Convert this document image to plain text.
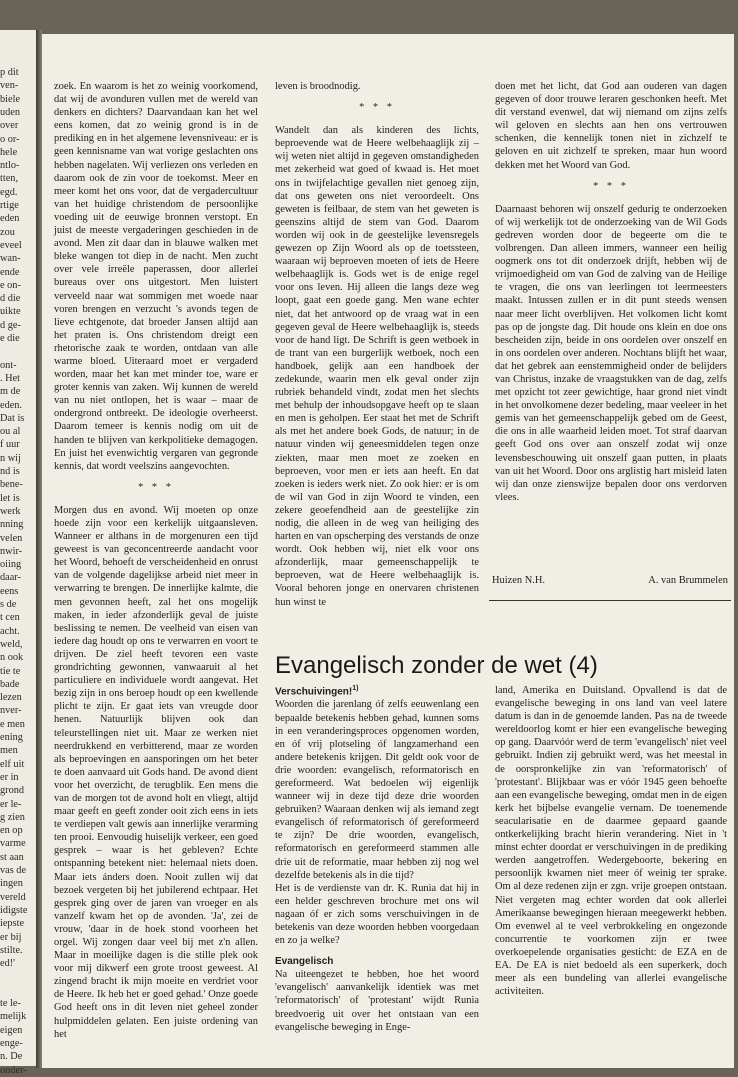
p dit
ven-
biele
uden
over
o or-
hele
ntlo-
tten,
egd.
rtige
eden
zou
eveel
wan-
ende
e on-
d die
uikte
d ge-
e die
ont-
. Het
m de
eden.
Dat is
ou al
f uur
n wij
nd is
bene-
let is
werk
nning
velen
nwir-
oiing
daar-
eens
s de
t cen
acht.
weld,
n ook
tie te
bade
lezen
nver-
e men
ening
men
elf uit
er in
grond
er le-
g zien
en op
varme
st aan
vas de
ingen
vereld
idigste
iepste
er bij
stilte.
ed!'
te le-
melijk
eigen
enge-
n. De
onder-

zoek. En waarom is het zo weinig voorkomend, dat wij de avonduren vullen met de wereld van denkers en dichters? Daarvandaan kan het wel eens komen, dat zo weinig grond is in de prediking en in het algemene levensniveau: er is geen kennisname van wat vorige geslachten ons hebben nagelaten. Wij verliezen ons verleden en daarom ook de zin voor de toekomst. Meer en meer komt het ons voor, dat de vergadercultuur van het huidige christendom de persoonlijke voeding uit de eeuwige bronnen verstopt. En juist de meeste vergaderingen geschieden in de avond. Men zit daar dan in blauwe walken met bleke wangen tot diep in de nacht. Men zucht over vele irreële paperassen, door allerlei bureaus over ons uitgestort. Men luistert verveeld naar wat sommigen met woede naar voren brengen en verzucht 's avonds tegen de lieve echtgenote, dat broeder Jansen altijd aan het praten is. Ons christendom dreigt een rhetorische zaak te worden, ontdaan van alle warme bloed. Uiteraard moet er vergaderd worden, maar het kan met minder toe, ware er groter kennis van zaken. Wij kunnen de wereld van nu niet ontlopen, het is waar – maar de ondergrond ontbreekt. De ideologie overheerst. Daarom temeer is kennis nodig om uit de handen te blijven van kerkpolitieke demagogen. En juist het evenwichtig vergaren van gegronde kennis, dat wordt veelszins aangevochten.

* * *

Morgen dus en avond. Wij moeten op onze hoede zijn voor een kerkelijk uitgaansleven. Wanneer er althans in de morgenuren een tijd geweest is van geconcentreerde aandacht voor het Woord, behoeft de verscheidenheid en onrust van de volgende dagelijkse arbeid niet meer in verwarring te brengen. De innerlijke kalmte, die men gevonnen heeft, zal het ons mogelijk maken, in ieder afzonderlijk geval de juiste beslissing te nemen. De veelheid van eisen van iedere dag houdt op ons te verwarren en voort te drijven. De ziel heeft tevoren een vaste grondrichting gewonnen, vanwaaruit al het particuliere en individuele wordt aangevat. Het bezig zijn in ons beroep houdt op een kwellende plicht te zijn. Er gaat iets van vreugde door henen. Natuurlijk blijven ook dan teleurstellingen niet uit. Maar ze werken niet neerdrukkend en verbitterend, maar ze worden als beproevingen en aansporingen om het beter te doen aanvaard uit Gods hand. De avond dient voor het overzicht, de terugblik. Een mens die van de morgen tot de avond holt en vliegt, altijd maar geeft en geeft zonder ooit zich eens in iets te verdiepen valt gewis aan innerlijke verarming ten prooi. Eenvoudig huiselijk verkeer, een goed gesprek – waar is het gebleven? Echte ontspanning betekent niet: helemaal niets doen. Maar iets ánders doen. Nooit zullen wij dat bezoek vergeten bij het jubilerend echtpaar. Het gesprek ging over de jaren van vroeger en als vanzelf kwam het op de avonden. 'Ja', zei de vrouw, 'daar in de hoek stond voorheen het orgel. Wij zongen daar veel bij met z'n allen. Maar in moeilijke dagen is die stille plek ook voor mij dikwerf een grote troost geweest. Al zingend bracht ik mijn moeite en verdriet voor de Heere. Ik heb het er goed gehad.' Onze goede God heeft ons in dit leven niet geheel zonder hulpmiddelen gelaten. Een juiste ordening van het

leven is broodnodig.

* * *

Wandelt dan als kinderen des lichts, beproevende wat de Heere welbehaaglijk zij – wij weten niet altijd in gegeven omstandigheden met zekerheid wat goed of kwaad is. Het moet ons in twijfelachtige gevallen niet genoeg zijn, dat ons geweten ons niet veroordeelt. Ons geweten is feilbaar, de stem van het geweten is geenszins altijd de stem van God. Daarom worden wij ook in de geestelijke levensregels gewezen op Zijn Woord als op de toetssteen, waaraan wij beproeven moeten of iets de Heere welbehaaglijk is. Gods wet is de enige regel voor ons leven. Hij alleen die langs deze weg loopt, gaat een goede gang. Men wane echter niet, dat het antwoord op de vraag wat in een gegeven geval de Heere welbehaaglijk is, steeds voor de hand ligt. De Schrift is geen wetboek in de trant van een burgerlijk wetboek, noch een handboek, gelijk aan een handboek der zedekunde, waarin men elk geval onder zijn rubriek behandeld vindt, zodat men het slechts met behulp der inhoudsopgave heeft op te slaan en men is geholpen. Eer staat het met de Schrift als met het andere boek Gods, de natuur; in de natuur vinden wij geneesmiddelen tegen onze ziekten, maar men moet ze zoeken en beproeven, voor men er iets aan heeft. En dat zoeken is ieders werk niet. Zo ook hier: er is om de wil van God in zijn Woord te vinden, een zekere geoefendheid aan de geestelijke zin nodig, die alleen in de weg van heiliging des harten en van opscherping des verstands de onze wordt. Ook hebben wij, niet elk voor ons afzonderlijk, maar gemeenschappelijk te beproeven, wat de Heere welbehaaglijk is. Vooral behoren jonge en onervaren christenen hun winst te

doen met het licht, dat God aan ouderen van dagen gegeven of door trouwe leraren geschonken heeft. Met dit verstand evenwel, dat wij niemand om zijns zelfs wil geloven en slechts aan hen ons vertrouwen schenken, die kennelijk tonen niet in zichzelf te geloven en uit zichzelf te spreken, maar hun woord dekken met het Woord van God.

* * *

Daarnaast behoren wij onszelf gedurig te onderzoeken of wij werkelijk tot de onderzoeking van de Wil Gods gedreven worden door de begeerte om die te volbrengen. Dan alleen immers, wanneer een heilig oogmerk ons tot dit onderzoek drijft, hebben wij de vrijmoedigheid om van God de zalving van de Heilige te vragen, die ons van leerlingen tot leermeesters maakt. Intussen zullen er in dit punt steeds wensen naar meer licht overblijven. Het volkomen licht komt pas op de jongste dag. Dit houde ons klein en doe ons bescheiden zijn, beide in ons oordelen over onszelf en in ons oordelen over anderen. Nochtans blijft het waar, dat het gebrek aan eenstemmigheid onder de belijders van Christus, inzake de vraagstukken van de dag, zelfs met opzicht tot zeer gewichtige, haar grond niet vindt in het onvolkomene dezer bedeling, maar veeleer in het gemis van het gemeenschappelijk gebed om de Geest, die ons in alle waarheid leiden moet. Tot straf daarvan geeft God ons over aan onszelf zodat wij onze levensbeschouwing uit onszelf gaan putten, in plaats van uit het Woord. Door ons arglistig hart misleid laten wij dan onze zienswijze bepalen door ons verdorven vlees.

Huizen N.H.	A. van Brummelen
Evangelisch zonder de wet (4)
Verschuivingen!$^{1)}$

Woorden die jarenlang óf zelfs eeuwenlang een bepaalde betekenis hebben gehad, kunnen soms in een veranderingsproces opgenomen worden, en óf vrij plotseling óf langzamerhand een andere betekenis krijgen. Dit geldt ook voor de drie woorden: evangelisch, reformatorisch en gereformeerd. Wat bedoelen wij eigenlijk wanneer wij in deze tijd deze drie woorden gebruiken? Waaraan denken wij als iemand zegt evangelisch óf reformatorisch óf gereformeerd te zijn? De drie woorden, evangelisch, reformatorisch en gereformeerd stammen alle drie uit de reformatie, maar hebben zij nog wel dezelfde betekenis als in die tijd?
Het is de verdienste van dr. K. Runia dat hij in een helder geschreven brochure met ons wil nagaan óf er zich soms verschuivingen in de betekenis van deze woorden hebben voorgedaan en zo ja welke?

Evangelisch

Na uiteengezet te hebben, hoe het woord 'evangelisch' aanvankelijk identiek was met 'reformatorisch' of 'protestant' wijdt Runia breedvoerig uit over het ontstaan van een evangelische beweging in Enge-

land, Amerika en Duitsland. Opvallend is dat de evangelische beweging in ons land van veel latere datum is dan in de genoemde landen. Pas na de tweede wereldoorlog komt er hier een evangelische beweging op gang. Daarvóór werd de term 'evangelisch' niet veel gebruikt. Indien zij gebruikt werd, was het meestal in de oorspronkelijke zin van 'reformatorisch' of 'protestant'. Blijkbaar was er vóór 1945 geen behoefte aan een evangelische beweging, omdat men in de eigen kerk het bijbelse evangelie vernam. De toenemende seacularisatie en de daarmee gepaard gaande ontkerkelijking bracht hierin verandering. Niet in 't minst echter doordat er verschuivingen in de prediking werden aangetroffen. Wedergeboorte, bekering en persoonlijk kwamen niet meer óf weinig ter sprake. Om al deze redenen zijn er zgn. vrije groepen ontstaan. Niet vergeten mag echter worden dat ook allerlei Amerikaanse bewegingen hieraan meegewerkt hebben. Om evenwel al te veel verbrokkeling en ongezonde concurrentie te voorkomen zijn er twee overkoepelende organisaties gesticht: de EZA en de EA. De EA is niet bedoeld als een superkerk, doch meer als een bundeling van allerlei evangelische activiteiten.
